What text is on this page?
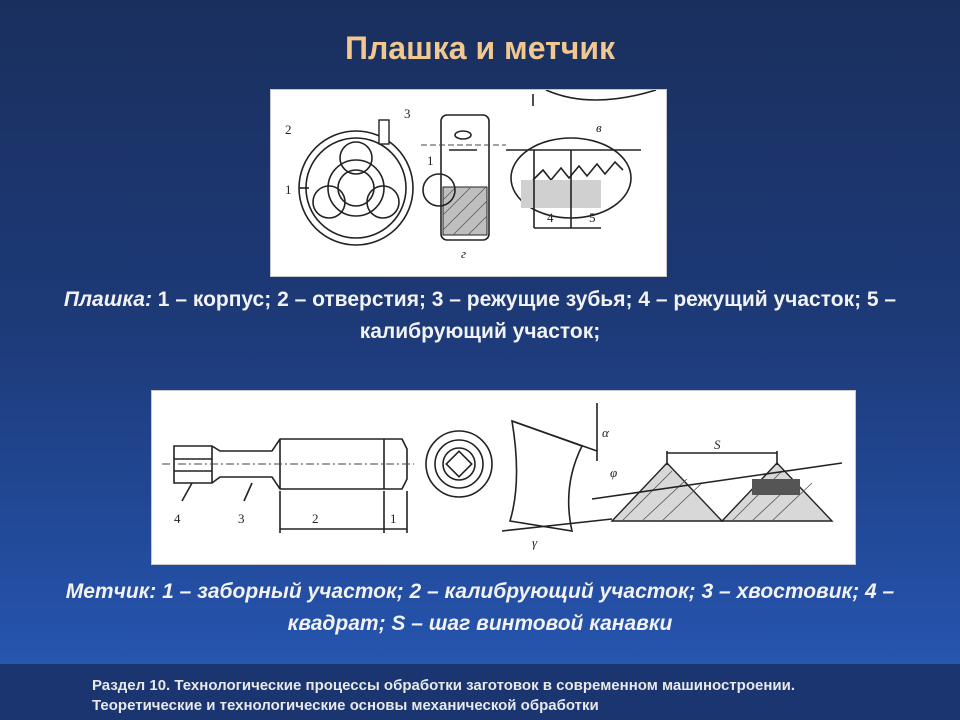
Плашка и метчик
1
2
3
1
4	5
в
г
Плашка: 1 – корпус; 2 – отверстия; 3 – режущие зубья; 4 – режущий участок; 5 – калибрующий участок;
4	3	2	1
S
α
φ
γ
Метчик: 1 – заборный участок; 2 – калибрующий участок; 3 – хвостовик; 4 – квадрат; S – шаг винтовой канавки
Раздел 10. Технологические процессы обработки заготовок в современном машиностроении. Теоретические и технологические основы механической обработки
